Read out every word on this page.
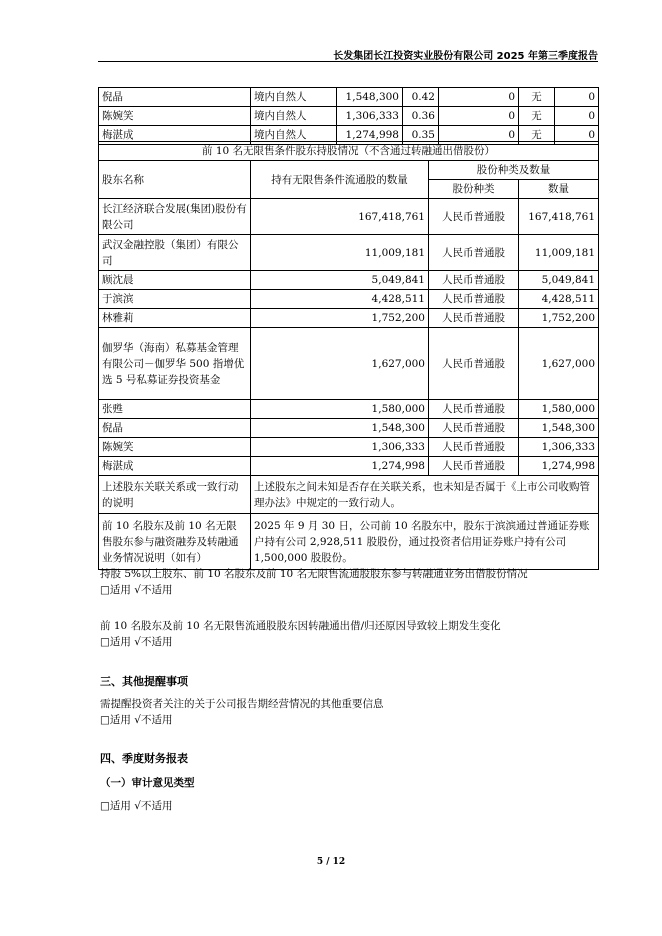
长发集团长江投资实业股份有限公司 2025 年第三季度报告
倪晶	境内自然人	1,548,300	0.42	0	无	0
陈婉笑	境内自然人	1,306,333	0.36	0	无	0
梅湛成	境内自然人	1,274,998	0.35	0	无	0
前 10 名无限售条件股东持股情况（不含通过转融通出借股份）			
股东名称	持有无限售条件流通股的数量	股份种类及数量	
		股份种类	数量
长江经济联合发展(集团)股份有限公司	167,418,761	人民币普通股	167,418,761
武汉金融控股（集团）有限公司	11,009,181	人民币普通股	11,009,181
顾沈晨	5,049,841	人民币普通股	5,049,841
于滨滨	4,428,511	人民币普通股	4,428,511
林雅莉	1,752,200	人民币普通股	1,752,200
伽罗华（海南）私募基金管理有限公司－伽罗华 500 指增优选 5 号私募证券投资基金	1,627,000	人民币普通股	1,627,000
张甦	1,580,000	人民币普通股	1,580,000
倪晶	1,548,300	人民币普通股	1,548,300
陈婉笑	1,306,333	人民币普通股	1,306,333
梅湛成	1,274,998	人民币普通股	1,274,998
上述股东关联关系或一致行动的说明	上述股东之间未知是否存在关联关系，也未知是否属于《上市公司收购管理办法》中规定的一致行动人。		
前 10 名股东及前 10 名无限售股东参与融资融券及转融通业务情况说明（如有）	2025 年 9 月 30 日，公司前 10 名股东中，股东于滨滨通过普通证券账户持有公司 2,928,511 股股份，通过投资者信用证券账户持有公司 1,500,000 股股份。		
持股 5%以上股东、前 10 名股东及前 10 名无限售流通股股东参与转融通业务出借股份情况
□适用 √不适用
前 10 名股东及前 10 名无限售流通股股东因转融通出借/归还原因导致较上期发生变化
□适用 √不适用
三、其他提醒事项
需提醒投资者关注的关于公司报告期经营情况的其他重要信息
□适用 √不适用
四、季度财务报表
（一）审计意见类型
□适用 √不适用
5 / 12
